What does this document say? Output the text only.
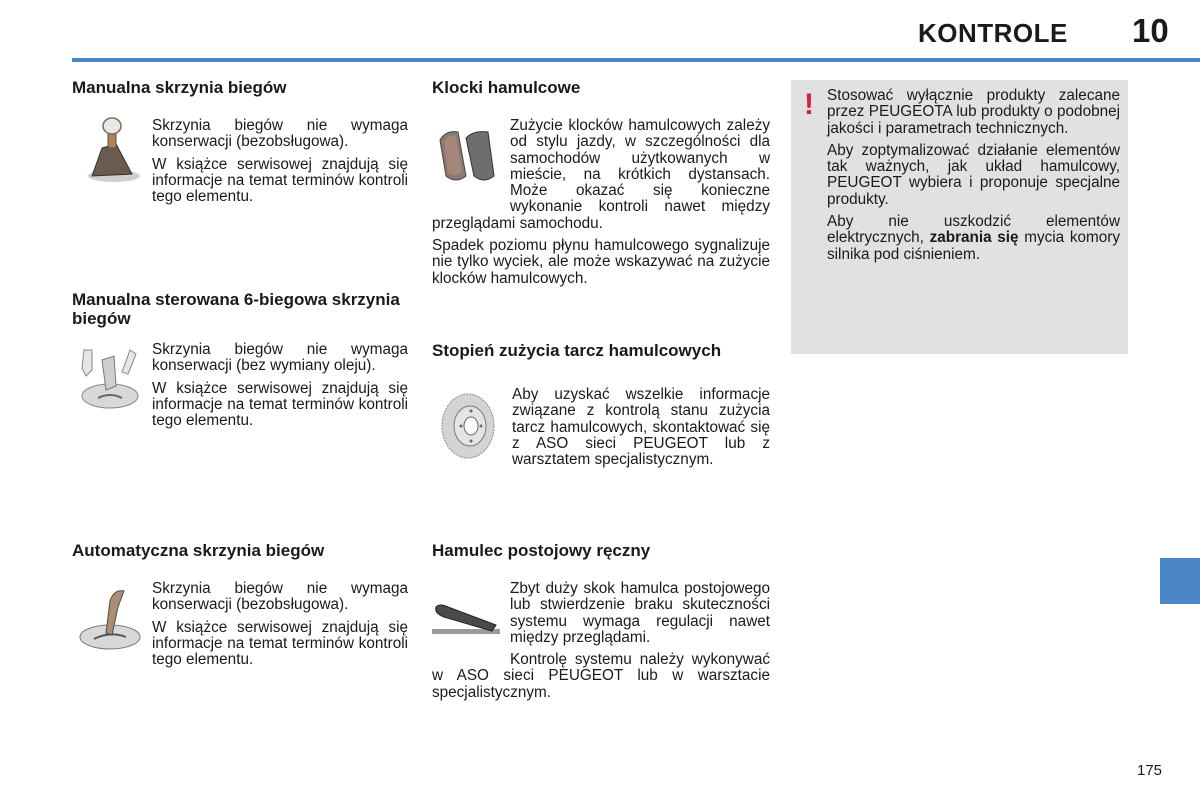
KONTROLE 10
Manualna skrzynia biegów

Skrzynia biegów nie wymaga konserwacji (bezobsługowa).

W książce serwisowej znajdują się informacje na temat terminów kontroli tego elementu.

Manualna sterowana 6-biegowa skrzynia biegów

Skrzynia biegów nie wymaga konserwacji (bez wymiany oleju).

W książce serwisowej znajdują się informacje na temat terminów kontroli tego elementu.

Automatyczna skrzynia biegów

Skrzynia biegów nie wymaga konserwacji (bezobsługowa).

W książce serwisowej znajdują się informacje na temat terminów kontroli tego elementu.

Klocki hamulcowe

Zużycie klocków hamulcowych zależy od stylu jazdy, w szczególności dla samochodów użytkowanych w mieście, na krótkich dystansach. Może okazać się konieczne wykonanie kontroli nawet między przeglądami samochodu.

Spadek poziomu płynu hamulcowego sygnalizuje nie tylko wyciek, ale może wskazywać na zużycie klocków hamulcowych.

Stopień zużycia tarcz hamulcowych

Aby uzyskać wszelkie informacje związane z kontrolą stanu zużycia tarcz hamulcowych, skontaktować się z ASO sieci PEUGEOT lub z warsztatem specjalistycznym.

Hamulec postojowy ręczny

Zbyt duży skok hamulca postojowego lub stwierdzenie braku skuteczności systemu wymaga regulacji nawet między przeglądami.

Kontrolę systemu należy wykonywać w ASO sieci PEUGEOT lub w warsztacie specjalistycznym.

! Stosować wyłącznie produkty zalecane przez PEUGEOTA lub produkty o podobnej jakości i parametrach technicznych.

Aby zoptymalizować działanie elementów tak ważnych, jak układ hamulcowy, PEUGEOT wybiera i proponuje specjalne produkty.

Aby nie uszkodzić elementów elektrycznych, zabrania się mycia komory silnika pod ciśnieniem.

175
